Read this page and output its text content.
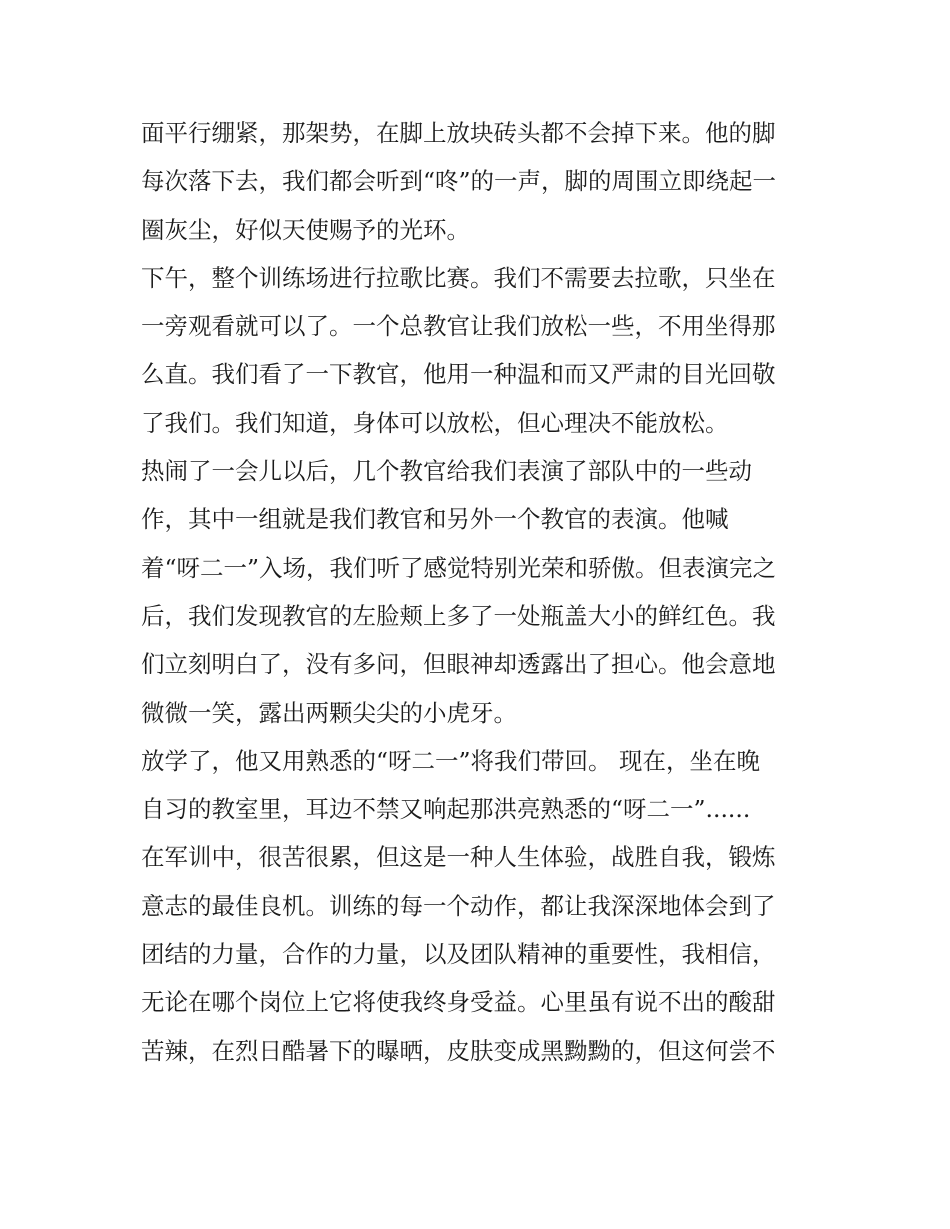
面平行绷紧，那架势，在脚上放块砖头都不会掉下来。他的脚
每次落下去，我们都会听到“咚”的一声，脚的周围立即绕起一
圈灰尘，好似天使赐予的光环。
下午，整个训练场进行拉歌比赛。我们不需要去拉歌，只坐在
一旁观看就可以了。一个总教官让我们放松一些，不用坐得那
么直。我们看了一下教官，他用一种温和而又严肃的目光回敬
了我们。我们知道，身体可以放松，但心理决不能放松。
热闹了一会儿以后，几个教官给我们表演了部队中的一些动
作，其中一组就是我们教官和另外一个教官的表演。他喊
着“呀二一”入场，我们听了感觉特别光荣和骄傲。但表演完之
后，我们发现教官的左脸颊上多了一处瓶盖大小的鲜红色。我
们立刻明白了，没有多问，但眼神却透露出了担心。他会意地
微微一笑，露出两颗尖尖的小虎牙。
放学了，他又用熟悉的“呀二一”将我们带回。 现在，坐在晚
自习的教室里，耳边不禁又响起那洪亮熟悉的“呀二一”......
在军训中，很苦很累，但这是一种人生体验，战胜自我，锻炼
意志的最佳良机。训练的每一个动作，都让我深深地体会到了
团结的力量，合作的力量，以及团队精神的重要性，我相信，
无论在哪个岗位上它将使我终身受益。心里虽有说不出的酸甜
苦辣，在烈日酷暑下的曝晒，皮肤变成黑黝黝的，但这何尝不
